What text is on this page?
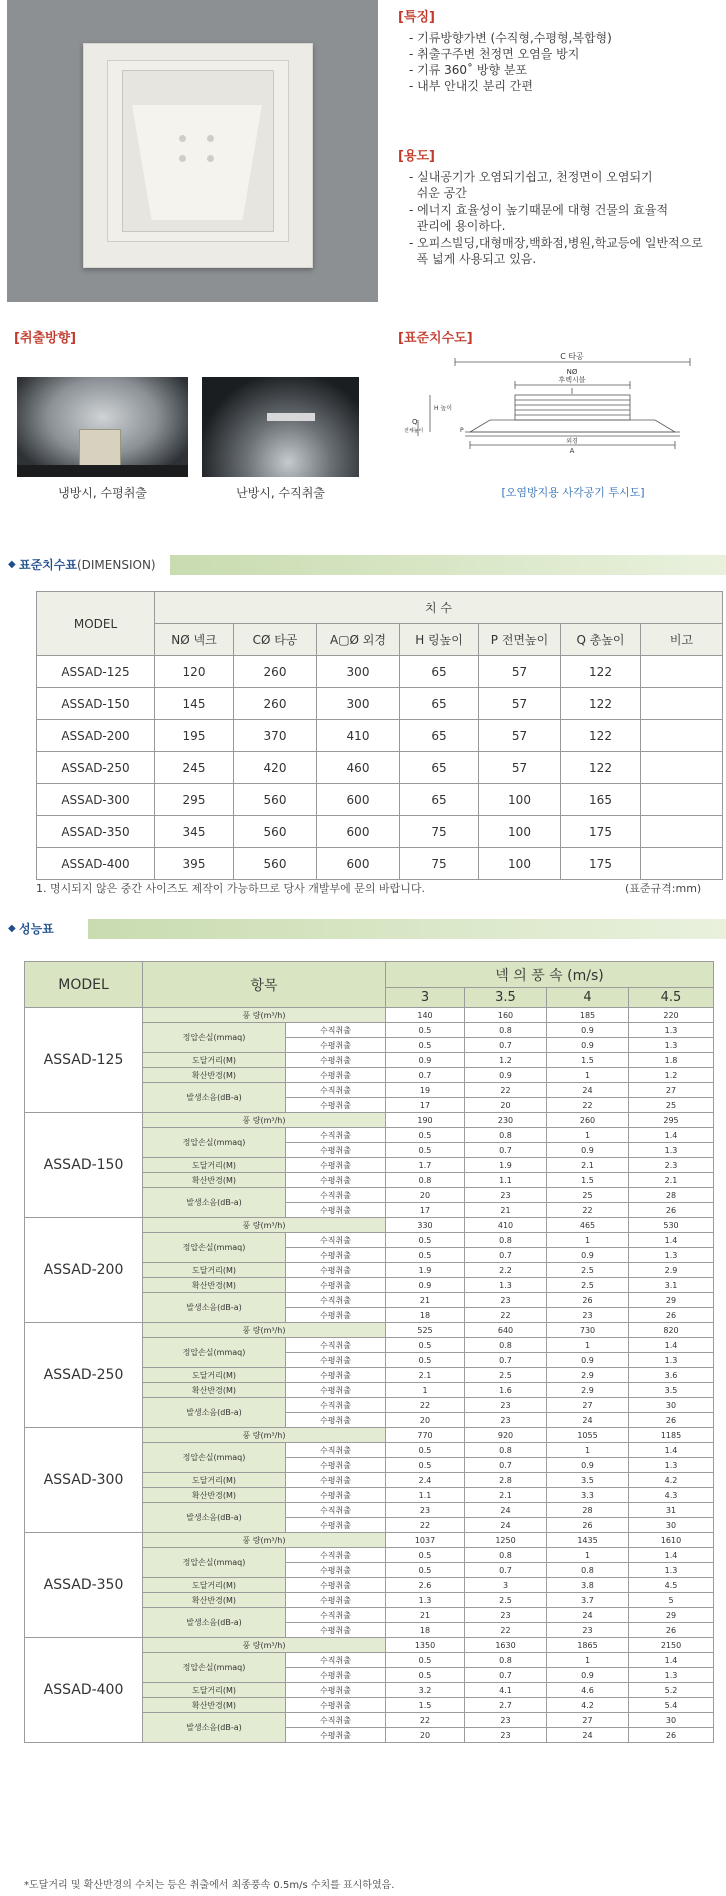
[특징]
- 기류방향가변 (수직형,수평형,복합형)
- 취출구주변 천정면 오염을 방지
- 기류 360˚ 방향 분포
- 내부 안내깃 분리 간편
[용도]
- 실내공기가 오염되기쉽고, 천정면이 오염되기
쉬운 공간
- 에너지 효율성이 높기때문에 대형 건물의 효율적
관리에 용이하다.
- 오피스빌딩,대형매장,백화점,병원,학교등에 일반적으로
폭 넓게 사용되고 있음.
[취출방향]
냉방시, 수평취출	난방시, 수직취출
[표준치수도]
C 타공
NØ
후렉시블
H 높이
Q
전체높이	P
외경
A
[오염방지용 사각공기 투시도]
◆ 표준치수표(DIMENSION)
MODEL	치 수						
	NØ 넥크	CØ 타공	A▢Ø 외경	H 링높이	P 전면높이	Q 총높이	비고
ASSAD-125	120	260	300	65	57	122	
ASSAD-150	145	260	300	65	57	122	
ASSAD-200	195	370	410	65	57	122	
ASSAD-250	245	420	460	65	57	122	
ASSAD-300	295	560	600	65	100	165	
ASSAD-350	345	560	600	75	100	175	
ASSAD-400	395	560	600	75	100	175	
1. 명시되지 않은 중간 사이즈도 제작이 가능하므로 당사 개발부에 문의 바랍니다.	(표준규격:mm)
◆ 성능표
MODEL	항목		넥 의 풍 속 (m/s)			
			3	3.5	4	4.5
ASSAD-125	풍 량(m³/h)		140	160	185	220
	정압손실(mmaq)	수직취출	0.5	0.8	0.9	1.3
		수평취출	0.5	0.7	0.9	1.3
	도달거리(M)	수평취출	0.9	1.2	1.5	1.8
	확산반경(M)	수평취출	0.7	0.9	1	1.2
	발생소음(dB-a)	수직취출	19	22	24	27
		수평취출	17	20	22	25
ASSAD-150	풍 량(m³/h)		190	230	260	295
	정압손실(mmaq)	수직취출	0.5	0.8	1	1.4
		수평취출	0.5	0.7	0.9	1.3
	도달거리(M)	수평취출	1.7	1.9	2.1	2.3
	확산반경(M)	수평취출	0.8	1.1	1.5	2.1
	발생소음(dB-a)	수직취출	20	23	25	28
		수평취출	17	21	22	26
ASSAD-200	풍 량(m³/h)		330	410	465	530
	정압손실(mmaq)	수직취출	0.5	0.8	1	1.4
		수평취출	0.5	0.7	0.9	1.3
	도달거리(M)	수평취출	1.9	2.2	2.5	2.9
	확산반경(M)	수평취출	0.9	1.3	2.5	3.1
	발생소음(dB-a)	수직취출	21	23	26	29
		수평취출	18	22	23	26
ASSAD-250	풍 량(m³/h)		525	640	730	820
	정압손실(mmaq)	수직취출	0.5	0.8	1	1.4
		수평취출	0.5	0.7	0.9	1.3
	도달거리(M)	수평취출	2.1	2.5	2.9	3.6
	확산반경(M)	수평취출	1	1.6	2.9	3.5
	발생소음(dB-a)	수직취출	22	23	27	30
		수평취출	20	23	24	26
ASSAD-300	풍 량(m³/h)		770	920	1055	1185
	정압손실(mmaq)	수직취출	0.5	0.8	1	1.4
		수평취출	0.5	0.7	0.9	1.3
	도달거리(M)	수평취출	2.4	2.8	3.5	4.2
	확산반경(M)	수평취출	1.1	2.1	3.3	4.3
	발생소음(dB-a)	수직취출	23	24	28	31
		수평취출	22	24	26	30
ASSAD-350	풍 량(m³/h)		1037	1250	1435	1610
	정압손실(mmaq)	수직취출	0.5	0.8	1	1.4
		수평취출	0.5	0.7	0.8	1.3
	도달거리(M)	수평취출	2.6	3	3.8	4.5
	확산반경(M)	수평취출	1.3	2.5	3.7	5
	발생소음(dB-a)	수직취출	21	23	24	29
		수평취출	18	22	23	26
ASSAD-400	풍 량(m³/h)		1350	1630	1865	2150
	정압손실(mmaq)	수직취출	0.5	0.8	1	1.4
		수평취출	0.5	0.7	0.9	1.3
	도달거리(M)	수평취출	3.2	4.1	4.6	5.2
	확산반경(M)	수평취출	1.5	2.7	4.2	5.4
	발생소음(dB-a)	수직취출	22	23	27	30
		수평취출	20	23	24	26
*도달거리 및 확산반경의 수치는 등은 취출에서 최종풍속 0.5m/s 수치를 표시하였음.
